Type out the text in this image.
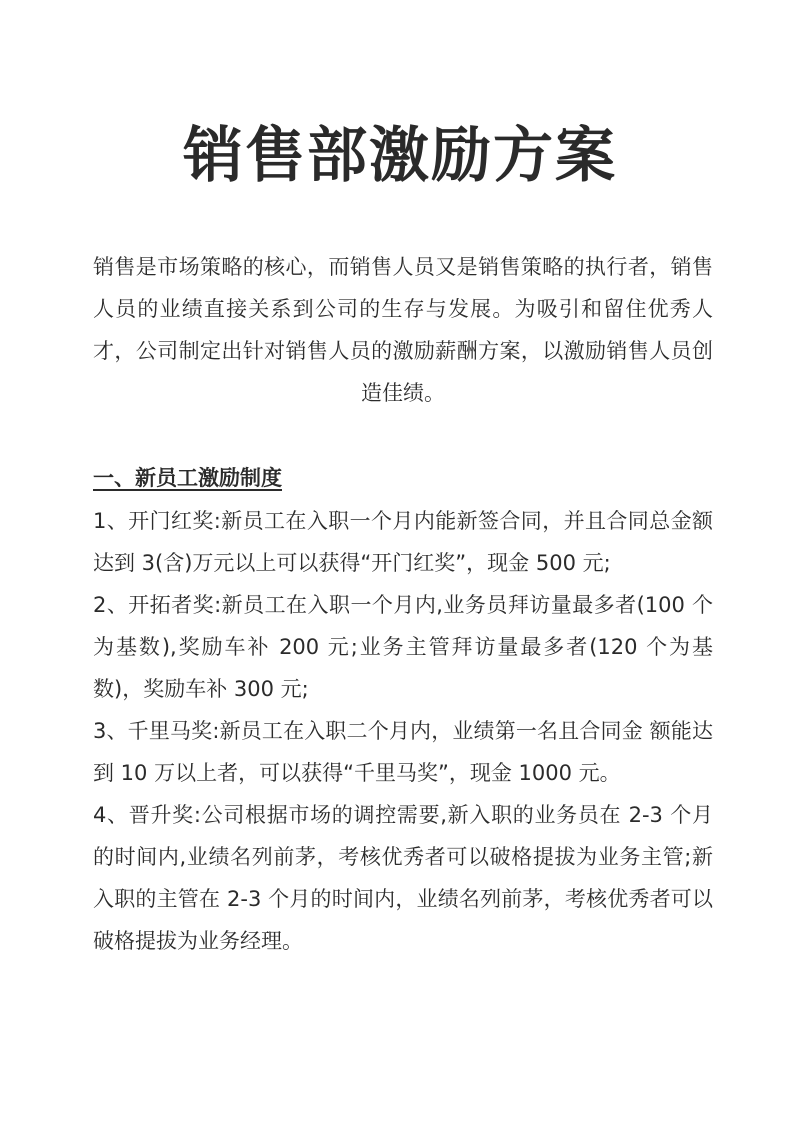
销售部激励方案

销售是市场策略的核心，而销售人员又是销售策略的执行者，销售人员的业绩直接关系到公司的生存与发展。为吸引和留住优秀人才，公司制定出针对销售人员的激励薪酬方案，以激励销售人员创造佳绩。

一、新员工激励制度

1、开门红奖:新员工在入职一个月内能新签合同，并且合同总金额达到 3(含)万元以上可以获得“开门红奖”，现金 500 元;

2、开拓者奖:新员工在入职一个月内,业务员拜访量最多者(100 个为基数),奖励车补 200 元;业务主管拜访量最多者(120 个为基数)，奖励车补 300 元;

3、千里马奖:新员工在入职二个月内，业绩第一名且合同金 额能达到 10 万以上者，可以获得“千里马奖”，现金 1000 元。

4、晋升奖:公司根据市场的调控需要,新入职的业务员在 2-3 个月的时间内,业绩名列前茅，考核优秀者可以破格提拔为业务主管;新入职的主管在 2-3 个月的时间内，业绩名列前茅，考核优秀者可以破格提拔为业务经理。
